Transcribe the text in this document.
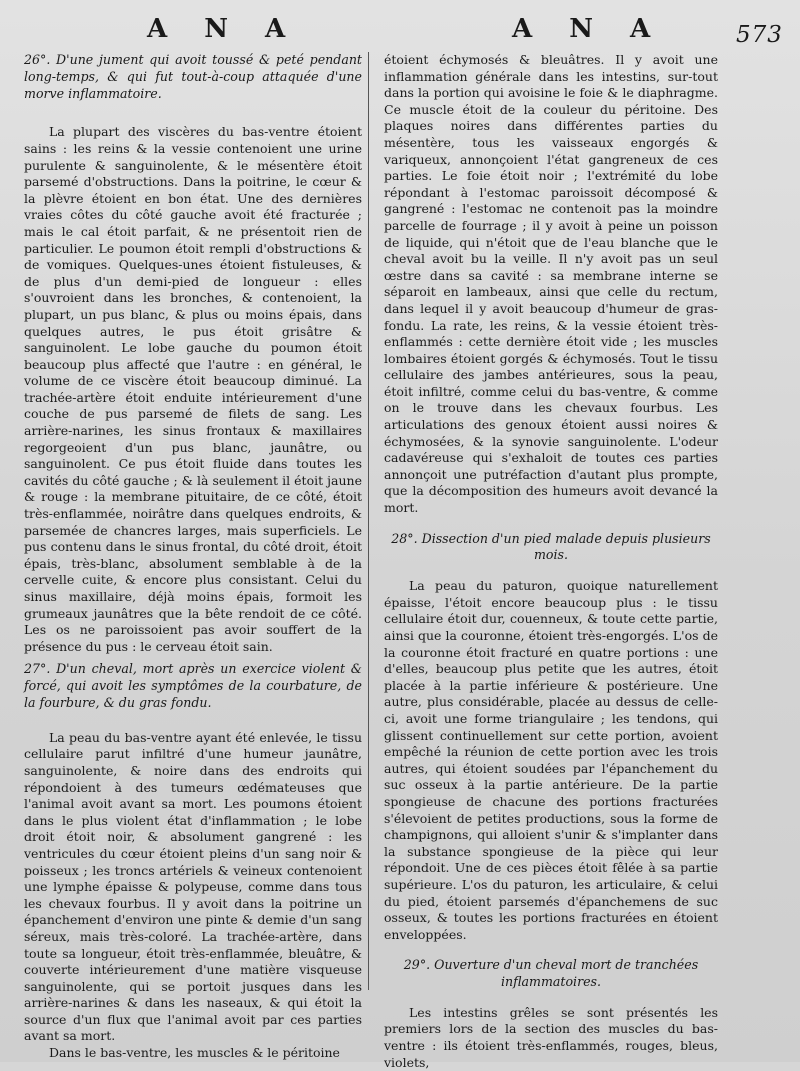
A N A	A N A	573

26°. D'une jument qui avoit toussé & peté pendant long-temps, & qui fut tout-à-coup attaquée d'une morve inflammatoire.

La plupart des viscères du bas-ventre étoient sains : les reins & la vessie contenoient une urine purulente & sanguinolente, & le mésentère étoit parsemé d'obstructions. Dans la poitrine, le cœur & la plèvre étoient en bon état. Une des dernières vraies côtes du côté gauche avoit été fracturée ; mais le cal étoit parfait, & ne présentoit rien de particulier. Le poumon étoit rempli d'obstructions & de vomiques. Quelques-unes étoient fistuleuses, & de plus d'un demi-pied de longueur : elles s'ouvroient dans les bronches, & contenoient, la plupart, un pus blanc, & plus ou moins épais, dans quelques autres, le pus étoit grisâtre & sanguinolent. Le lobe gauche du poumon étoit beaucoup plus affecté que l'autre : en général, le volume de ce viscère étoit beaucoup diminué. La trachée-artère étoit enduite intérieurement d'une couche de pus parsemé de filets de sang. Les arrière-narines, les sinus frontaux & maxillaires regorgeoient d'un pus blanc, jaunâtre, ou sanguinolent. Ce pus étoit fluide dans toutes les cavités du côté gauche ; & là seulement il étoit jaune & rouge : la membrane pituitaire, de ce côté, étoit très-enflammée, noirâtre dans quelques endroits, & parsemée de chancres larges, mais superficiels. Le pus contenu dans le sinus frontal, du côté droit, étoit épais, très-blanc, absolument semblable à de la cervelle cuite, & encore plus consistant. Celui du sinus maxillaire, déjà moins épais, formoit les grumeaux jaunâtres que la bête rendoit de ce côté. Les os ne paroissoient pas avoir souffert de la présence du pus : le cerveau étoit sain.

27°. D'un cheval, mort après un exercice violent & forcé, qui avoit les symptômes de la courbature, de la fourbure, & du gras fondu.

La peau du bas-ventre ayant été enlevée, le tissu cellulaire parut infiltré d'une humeur jaunâtre, sanguinolente, & noire dans des endroits qui répondoient à des tumeurs œdémateuses que l'animal avoit avant sa mort. Les poumons étoient dans le plus violent état d'inflammation ; le lobe droit étoit noir, & absolument gangrené : les ventricules du cœur étoient pleins d'un sang noir & poisseux ; les troncs artériels & veineux contenoient une lymphe épaisse & polypeuse, comme dans tous les chevaux fourbus. Il y avoit dans la poitrine un épanchement d'environ une pinte & demie d'un sang séreux, mais très-coloré. La trachée-artère, dans toute sa longueur, étoit très-enflammée, bleuâtre, & couverte intérieurement d'une matière visqueuse sanguinolente, qui se portoit jusques dans les arrière-narines & dans les naseaux, & qui étoit la source d'un flux que l'animal avoit par ces parties avant sa mort.

Dans le bas-ventre, les muscles & le péritoine

étoient échymosés & bleuâtres. Il y avoit une inflammation générale dans les intestins, sur-tout dans la portion qui avoisine le foie & le diaphragme. Ce muscle étoit de la couleur du péritoine. Des plaques noires dans différentes parties du mésentère, tous les vaisseaux engorgés & variqueux, annonçoient l'état gangreneux de ces parties. Le foie étoit noir ; l'extrémité du lobe répondant à l'estomac paroissoit décomposé & gangrené : l'estomac ne contenoit pas la moindre parcelle de fourrage ; il y avoit à peine un poisson de liquide, qui n'étoit que de l'eau blanche que le cheval avoit bu la veille. Il n'y avoit pas un seul œstre dans sa cavité : sa membrane interne se séparoit en lambeaux, ainsi que celle du rectum, dans lequel il y avoit beaucoup d'humeur de gras-fondu. La rate, les reins, & la vessie étoient très-enflammés : cette dernière étoit vide ; les muscles lombaires étoient gorgés & échymosés. Tout le tissu cellulaire des jambes antérieures, sous la peau, étoit infiltré, comme celui du bas-ventre, & comme on le trouve dans les chevaux fourbus. Les articulations des genoux étoient aussi noires & échymosées, & la synovie sanguinolente. L'odeur cadavéreuse qui s'exhaloit de toutes ces parties annonçoit une putréfaction d'autant plus prompte, que la décomposition des humeurs avoit devancé la mort.

28°. Dissection d'un pied malade depuis plusieurs mois.

La peau du paturon, quoique naturellement épaisse, l'étoit encore beaucoup plus : le tissu cellulaire étoit dur, couenneux, & toute cette partie, ainsi que la couronne, étoient très-engorgés. L'os de la couronne étoit fracturé en quatre portions : une d'elles, beaucoup plus petite que les autres, étoit placée à la partie inférieure & postérieure. Une autre, plus considérable, placée au dessus de celle-ci, avoit une forme triangulaire ; les tendons, qui glissent continuellement sur cette portion, avoient empêché la réunion de cette portion avec les trois autres, qui étoient soudées par l'épanchement du suc osseux à la partie antérieure. De la partie spongieuse de chacune des portions fracturées s'élevoient de petites productions, sous la forme de champignons, qui alloient s'unir & s'implanter dans la substance spongieuse de la pièce qui leur répondoit. Une de ces pièces étoit fêlée à sa partie supérieure. L'os du paturon, les articulaire, & celui du pied, étoient parsemés d'épanchemens de suc osseux, & toutes les portions fracturées en étoient enveloppées.

29°. Ouverture d'un cheval mort de tranchées inflammatoires.

Les intestins grêles se sont présentés les premiers lors de la section des muscles du bas-ventre : ils étoient très-enflammés, rouges, bleus, violets,
